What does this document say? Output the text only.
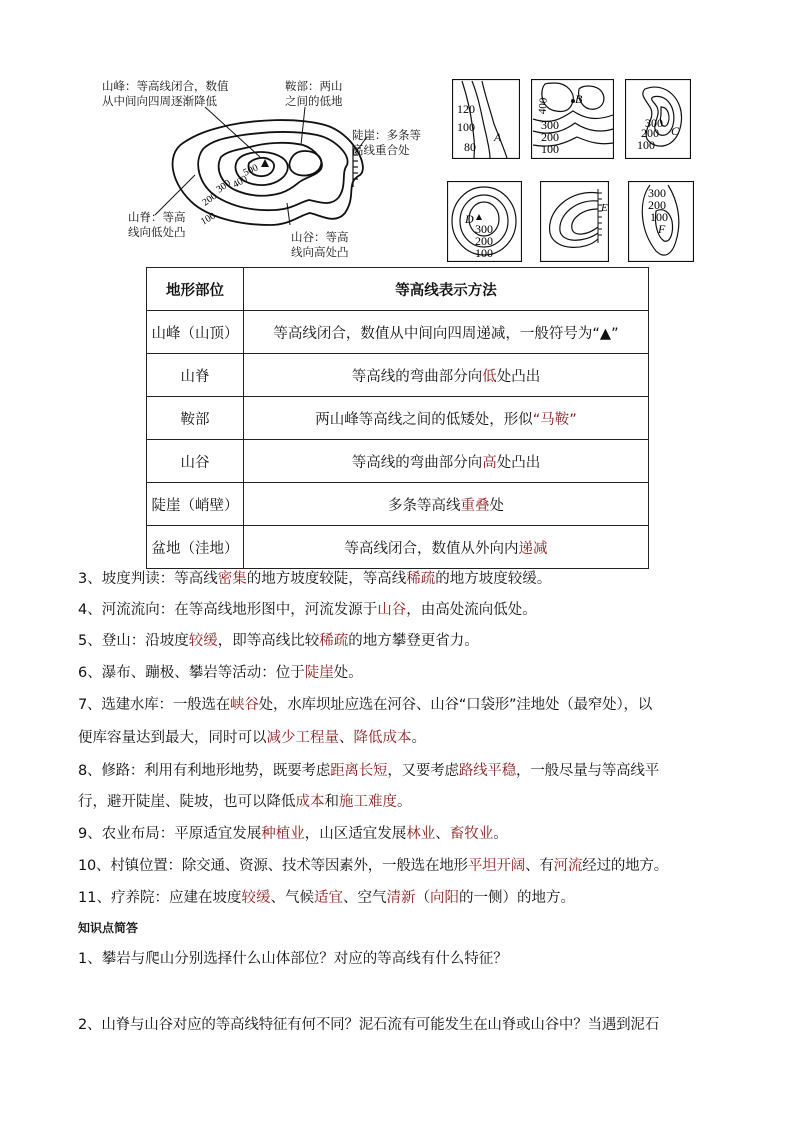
500
400
300
200
100
山峰：等高线闭合，数值
从中间向四周逐渐降低
鞍部：两山
之间的低地
陡崖：多条等
高线重合处
山脊：等高
线向低处凸	山谷：等高
线向高处凸
120
100
80
A
400
300
200
100
B
300
200
100
C
D
300
200
100
E
300
200
100
F
地形部位	等高线表示方法
山峰（山顶）	等高线闭合，数值从中间向四周递减，一般符号为“▲”
山脊	等高线的弯曲部分向低处凸出
鞍部	两山峰等高线之间的低矮处，形似“马鞍”
山谷	等高线的弯曲部分向高处凸出
陡崖（峭壁）	多条等高线重叠处
盆地（洼地）	等高线闭合，数值从外向内递减
3、坡度判读：等高线密集的地方坡度较陡，等高线稀疏的地方坡度较缓。
4、河流流向：在等高线地形图中，河流发源于山谷，由高处流向低处。
5、登山：沿坡度较缓，即等高线比较稀疏的地方攀登更省力。
6、瀑布、蹦极、攀岩等活动：位于陡崖处。
7、选建水库：一般选在峡谷处，水库坝址应选在河谷、山谷“口袋形”洼地处（最窄处），以
便库容量达到最大，同时可以减少工程量、降低成本。
8、修路：利用有利地形地势，既要考虑距离长短，又要考虑路线平稳，一般尽量与等高线平
行，避开陡崖、陡坡，也可以降低成本和施工难度。
9、农业布局：平原适宜发展种植业，山区适宜发展林业、畜牧业。
10、村镇位置：除交通、资源、技术等因素外，一般选在地形平坦开阔、有河流经过的地方。
11、疗养院：应建在坡度较缓、气候适宜、空气清新（向阳的一侧）的地方。
知识点简答
1、攀岩与爬山分别选择什么山体部位？对应的等高线有什么特征？
2、山脊与山谷对应的等高线特征有何不同？泥石流有可能发生在山脊或山谷中？当遇到泥石
